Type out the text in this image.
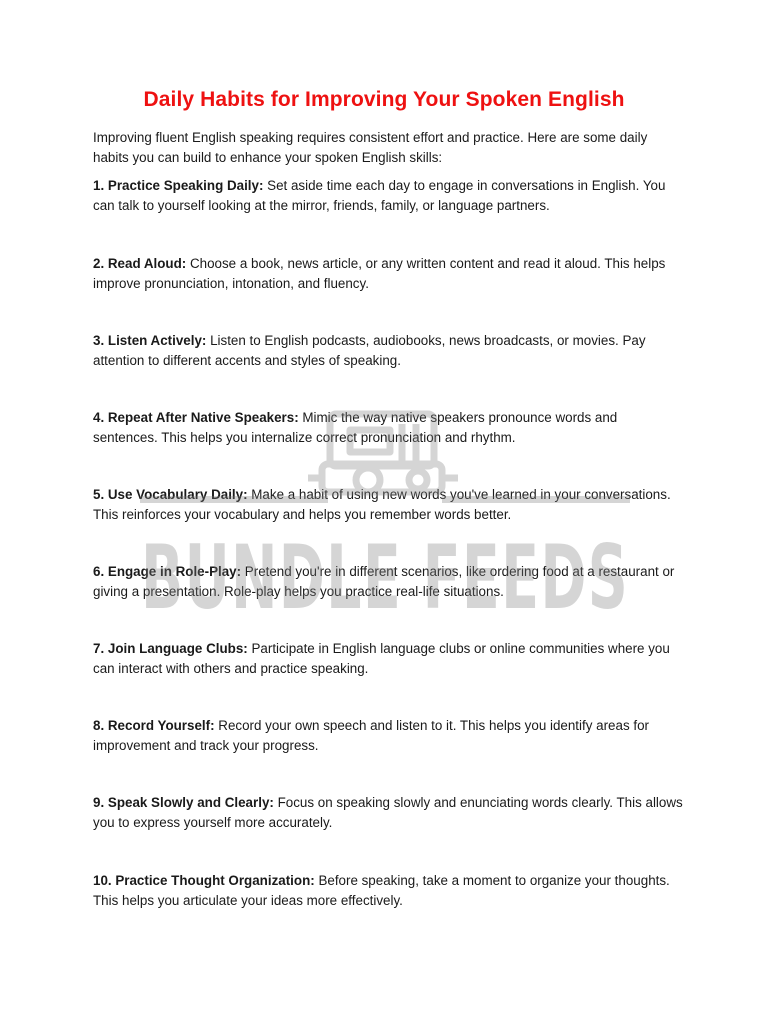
Daily Habits for Improving Your Spoken English

Improving fluent English speaking requires consistent effort and practice. Here are some daily habits you can build to enhance your spoken English skills:

1. Practice Speaking Daily: Set aside time each day to engage in conversations in English. You can talk to yourself looking at the mirror, friends, family, or language partners.

2. Read Aloud: Choose a book, news article, or any written content and read it aloud. This helps improve pronunciation, intonation, and fluency.

3. Listen Actively: Listen to English podcasts, audiobooks, news broadcasts, or movies. Pay attention to different accents and styles of speaking.

4. Repeat After Native Speakers: Mimic the way native speakers pronounce words and sentences. This helps you internalize correct pronunciation and rhythm.

5. Use Vocabulary Daily: Make a habit of using new words you've learned in your conversations. This reinforces your vocabulary and helps you remember words better.

6. Engage in Role-Play: Pretend you're in different scenarios, like ordering food at a restaurant or giving a presentation. Role-play helps you practice real-life situations.

7. Join Language Clubs: Participate in English language clubs or online communities where you can interact with others and practice speaking.

8. Record Yourself: Record your own speech and listen to it. This helps you identify areas for improvement and track your progress.

9. Speak Slowly and Clearly: Focus on speaking slowly and enunciating words clearly. This allows you to express yourself more accurately.

10. Practice Thought Organization: Before speaking, take a moment to organize your thoughts. This helps you articulate your ideas more effectively.

BUNDLE FEEDS
